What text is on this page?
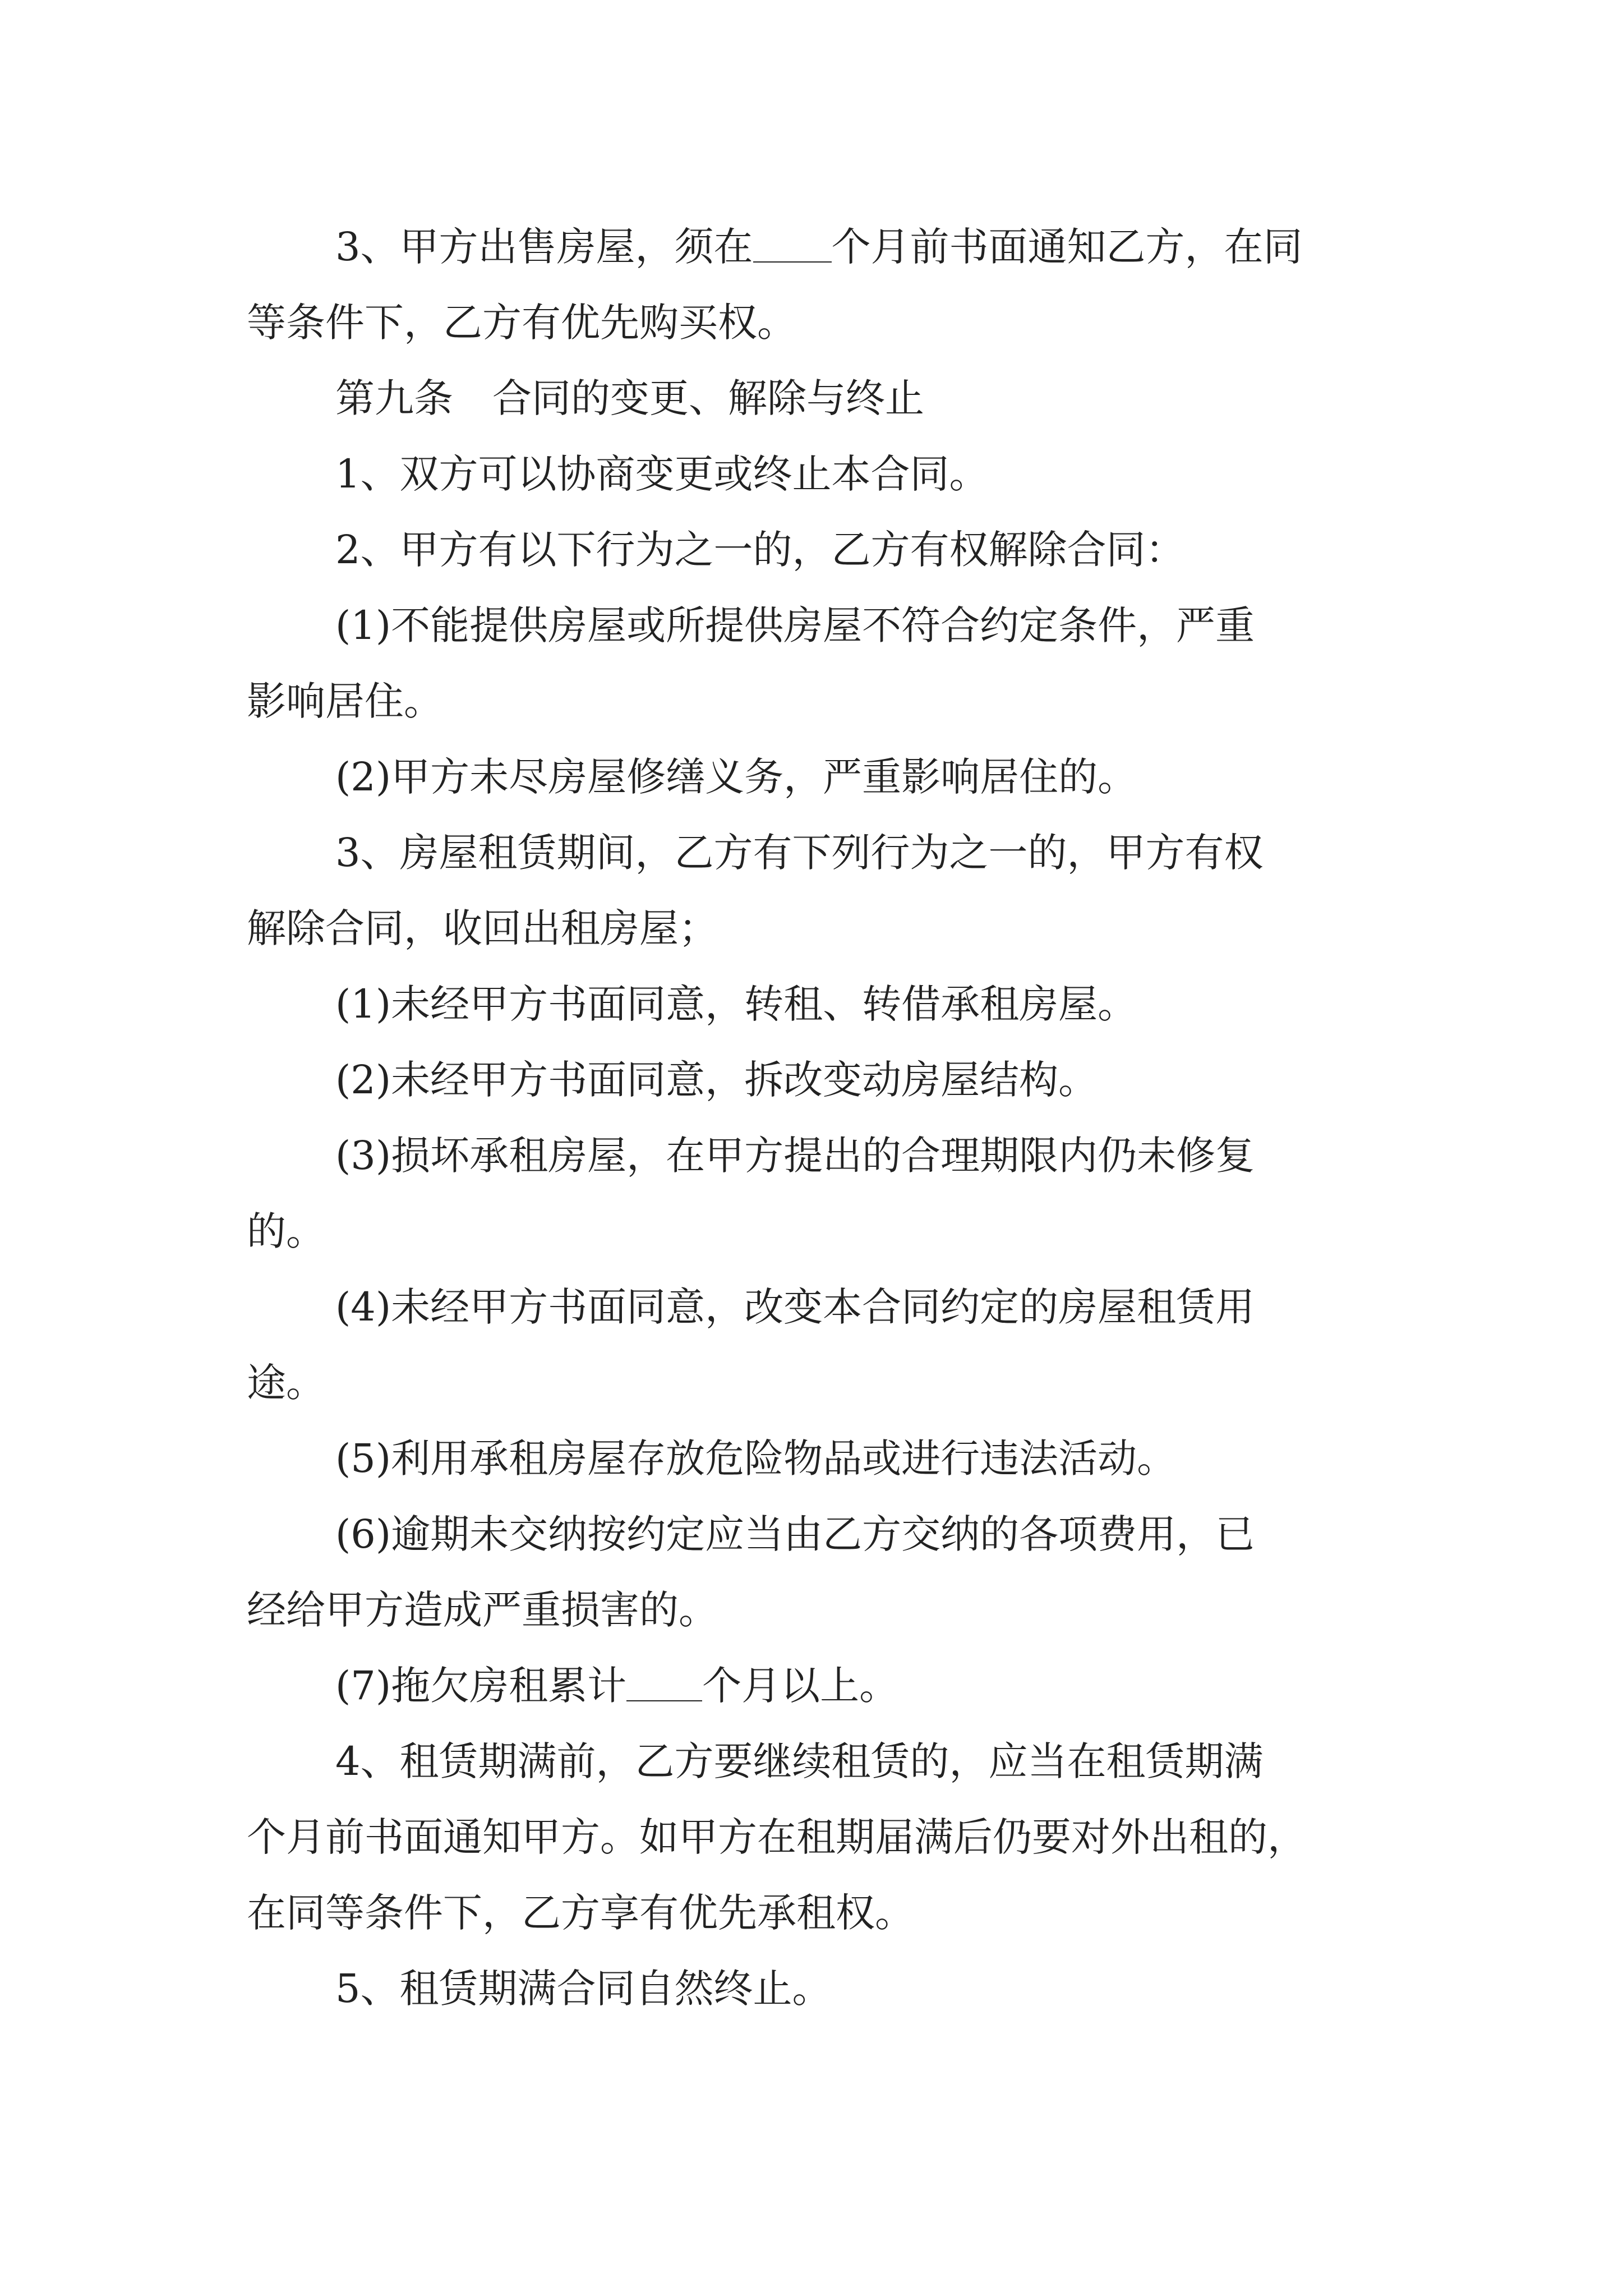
3、甲方出售房屋，须在 个月前书面通知乙方，在同

等条件下，乙方有优先购买权。

第九条　合同的变更、解除与终止

1、双方可以协商变更或终止本合同。

2、甲方有以下行为之一的，乙方有权解除合同：

(1)不能提供房屋或所提供房屋不符合约定条件，严重

影响居住。

(2)甲方未尽房屋修缮义务，严重影响居住的。

3、房屋租赁期间，乙方有下列行为之一的，甲方有权

解除合同，收回出租房屋；

(1)未经甲方书面同意，转租、转借承租房屋。

(2)未经甲方书面同意，拆改变动房屋结构。

(3)损坏承租房屋，在甲方提出的合理期限内仍未修复

的。

(4)未经甲方书面同意，改变本合同约定的房屋租赁用

途。

(5)利用承租房屋存放危险物品或进行违法活动。

(6)逾期未交纳按约定应当由乙方交纳的各项费用，已

经给甲方造成严重损害的。

(7)拖欠房租累计 个月以上。

4、租赁期满前，乙方要继续租赁的，应当在租赁期满

个月前书面通知甲方。如甲方在租期届满后仍要对外出租的，

在同等条件下，乙方享有优先承租权。

5、租赁期满合同自然终止。
